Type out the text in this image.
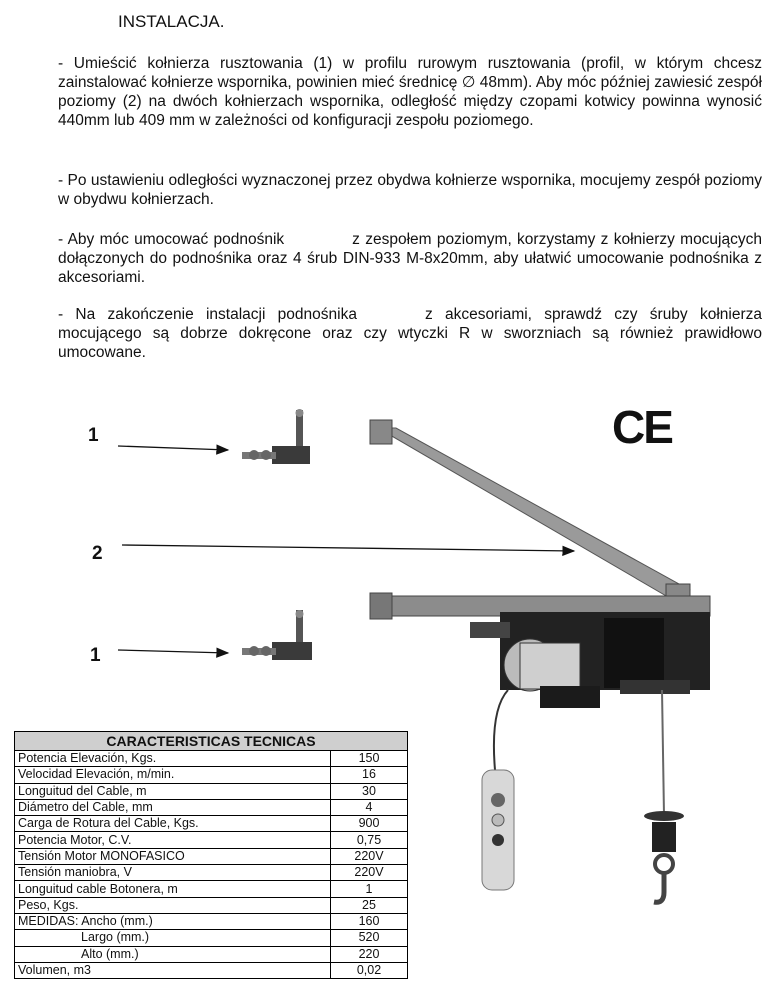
INSTALACJA.

- Umieścić kołnierza rusztowania (1) w profilu rurowym rusztowania (profil, w którym chcesz zainstalować kołnierze wspornika, powinien mieć średnicę ∅ 48mm). Aby móc później zawiesić zespół poziomy (2) na dwóch kołnierzach wspornika, odległość między czopami kotwicy powinna wynosić 440mm lub 409 mm w zależności od konfiguracji zespołu poziomego.

- Po ustawieniu odległości wyznaczonej przez obydwa kołnierze wspornika, mocujemy zespół poziomy w obydwu kołnierzach.

- Aby móc umocować podnośnik	z zespołem poziomym, korzystamy z kołnierzy mocujących dołączonych do podnośnika oraz 4 śrub DIN-933 M-8x20mm, aby ułatwić umocowanie podnośnika z akcesoriami.

- Na zakończenie instalacji podnośnika	z akcesoriami, sprawdź czy śruby kołnierza mocującego są dobrze dokręcone oraz czy wtyczki R w sworzniach są również prawidłowo umocowane.

1
2
1
CE
CARACTERISTICAS TECNICAS	
Potencia Elevación, Kgs.	150
Velocidad Elevación, m/min.	16
Longuitud del Cable, m	30
Diámetro del Cable, mm	4
Carga de Rotura del Cable, Kgs.	900
Potencia Motor, C.V.	0,75
Tensión Motor MONOFASICO	220V
Tensión maniobra, V	220V
Longuitud cable Botonera, m	1
Peso, Kgs.	25
MEDIDAS: Ancho (mm.)	160
Largo (mm.)	520
Alto (mm.)	220
Volumen, m3	0,02
